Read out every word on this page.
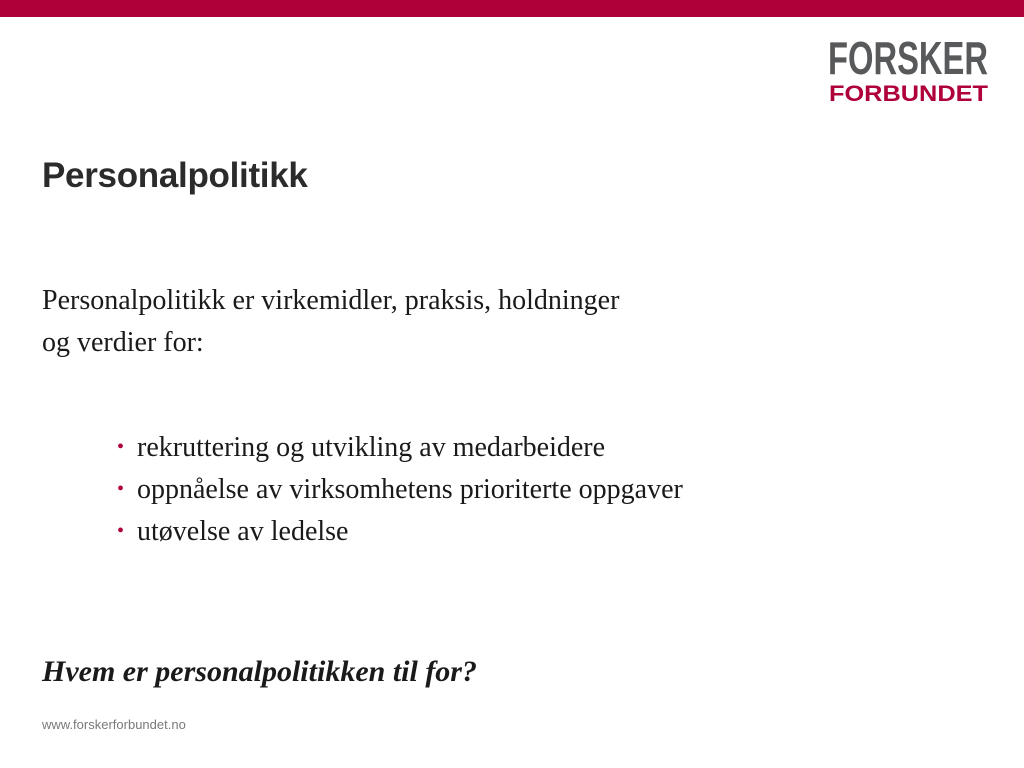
FORSKER
FORBUNDET
Personalpolitikk

Personalpolitikk er virkemidler, praksis, holdninger

og verdier for:

• rekruttering og utvikling av medarbeidere
• oppnåelse av virksomhetens prioriterte oppgaver
• utøvelse av ledelse

Hvem er personalpolitikken til for?

www.forskerforbundet.no
